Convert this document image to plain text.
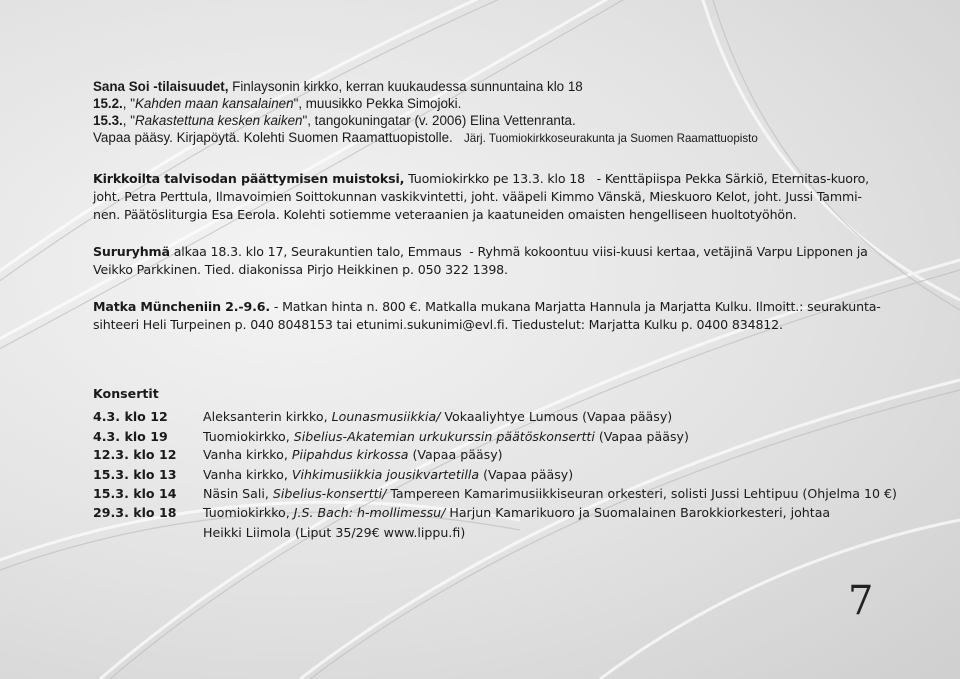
Sana Soi -tilaisuudet, Finlaysonin kirkko, kerran kuukaudessa sunnuntaina klo 18
15.2., "Kahden maan kansalainen", muusikko Pekka Simojoki.
15.3., "Rakastettuna kesken kaiken", tangokuningatar (v. 2006) Elina Vettenranta.
Vapaa pääsy. Kirjapöytä. Kolehti Suomen Raamattuopistolle. Järj. Tuomiokirkkoseurakunta ja Suomen Raamattuopisto
Kirkkoilta talvisodan päättymisen muistoksi, Tuomiokirkko pe 13.3. klo 18   - Kenttäpiispa Pekka Särkiö, Eternitas-kuoro,
joht. Petra Perttula, Ilmavoimien Soittokunnan vaskikvintetti, joht. vääpeli Kimmo Vänskä, Mieskuoro Kelot, joht. Jussi Tammi-
nen. Päätösliturgia Esa Eerola. Kolehti sotiemme veteraanien ja kaatuneiden omaisten hengelliseen huoltotyöhön.
Sururyhmä alkaa 18.3. klo 17, Seurakuntien talo, Emmaus  - Ryhmä kokoontuu viisi-kuusi kertaa, vetäjinä Varpu Lipponen ja
Veikko Parkkinen. Tied. diakonissa Pirjo Heikkinen p. 050 322 1398.
Matka Müncheniin 2.-9.6. - Matkan hinta n. 800 €. Matkalla mukana Marjatta Hannula ja Marjatta Kulku. Ilmoitt.: seurakunta-
sihteeri Heli Turpeinen p. 040 8048153 tai etunimi.sukunimi@evl.fi. Tiedustelut: Marjatta Kulku p. 0400 834812.
Konsertit
4.3. klo 12	Aleksanterin kirkko, Lounasmusiikkia/ Vokaaliyhtye Lumous (Vapaa pääsy)
4.3. klo 19	Tuomiokirkko, Sibelius-Akatemian urkukurssin päätöskonsertti (Vapaa pääsy)
12.3. klo 12 Vanha kirkko, Piipahdus kirkossa (Vapaa pääsy)
15.3. klo 13 Vanha kirkko, Vihkimusiikkia jousikvartetilla (Vapaa pääsy)
15.3. klo 14 Näsin Sali, Sibelius-konsertti/ Tampereen Kamarimusiikkiseuran orkesteri, solisti Jussi Lehtipuu (Ohjelma 10 €)
29.3. klo 18 Tuomiokirkko, J.S. Bach: h-mollimessu/ Harjun Kamarikuoro ja Suomalainen Barokkiorkesteri, johtaa
Heikki Liimola (Liput 35/29€ www.lippu.fi)
7
